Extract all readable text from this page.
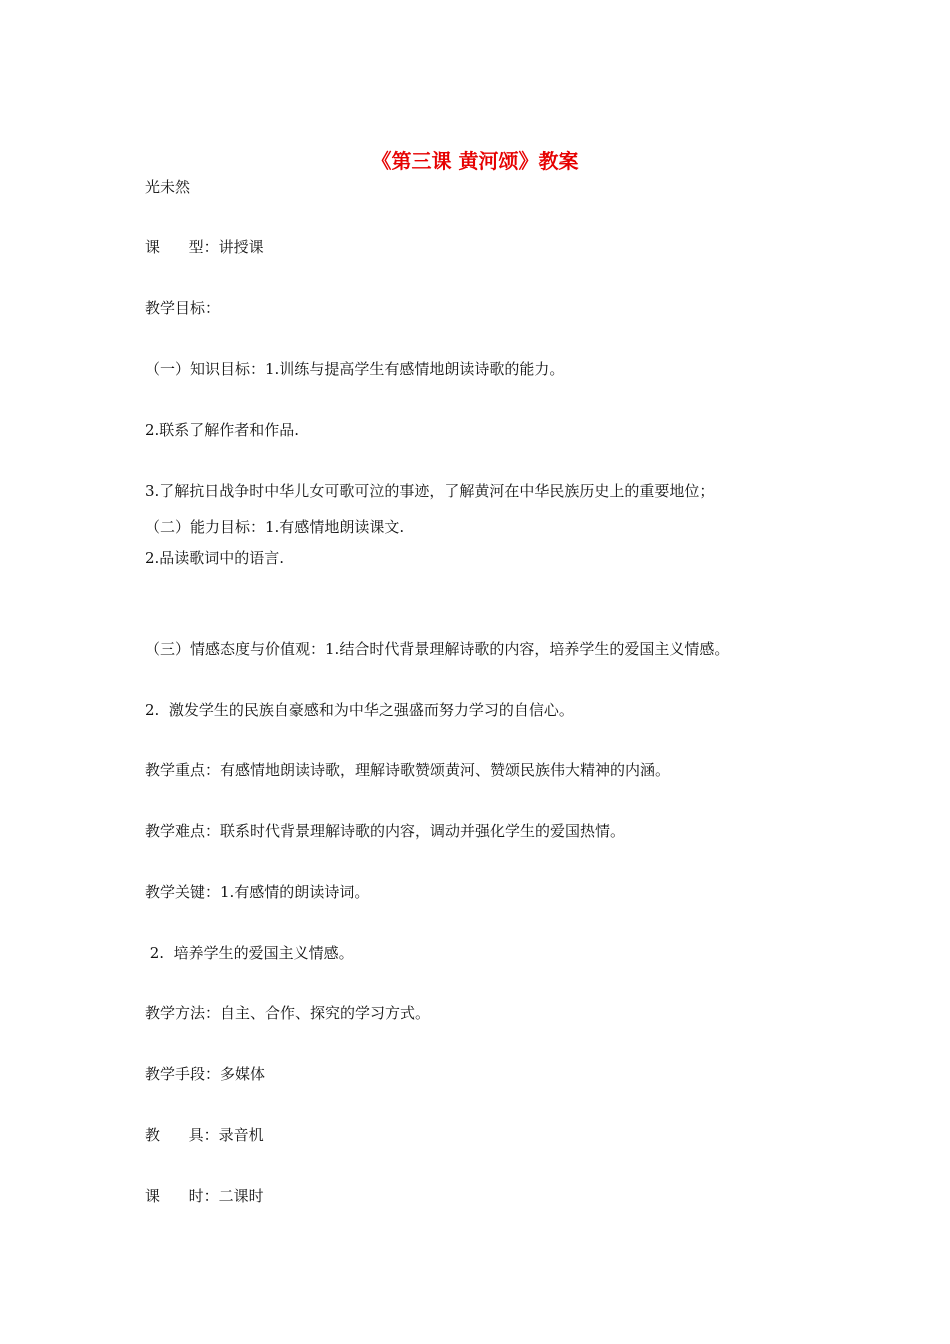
《第三课 黄河颂》教案
光未然
课      型：讲授课
教学目标：
（一）知识目标：1.训练与提高学生有感情地朗读诗歌的能力。
2.联系了解作者和作品.
3.了解抗日战争时中华儿女可歌可泣的事迹，了解黄河在中华民族历史上的重要地位；
（二）能力目标：1.有感情地朗读课文.
2.品读歌词中的语言.
（三）情感态度与价值观：1.结合时代背景理解诗歌的内容，培养学生的爱国主义情感。
2.  激发学生的民族自豪感和为中华之强盛而努力学习的自信心。
教学重点：有感情地朗读诗歌，理解诗歌赞颂黄河、赞颂民族伟大精神的内涵。
教学难点：联系时代背景理解诗歌的内容，调动并强化学生的爱国热情。
教学关键：1.有感情的朗读诗词。
2.  培养学生的爱国主义情感。
教学方法：自主、合作、探究的学习方式。
教学手段：多媒体
教      具：录音机
课      时：二课时
